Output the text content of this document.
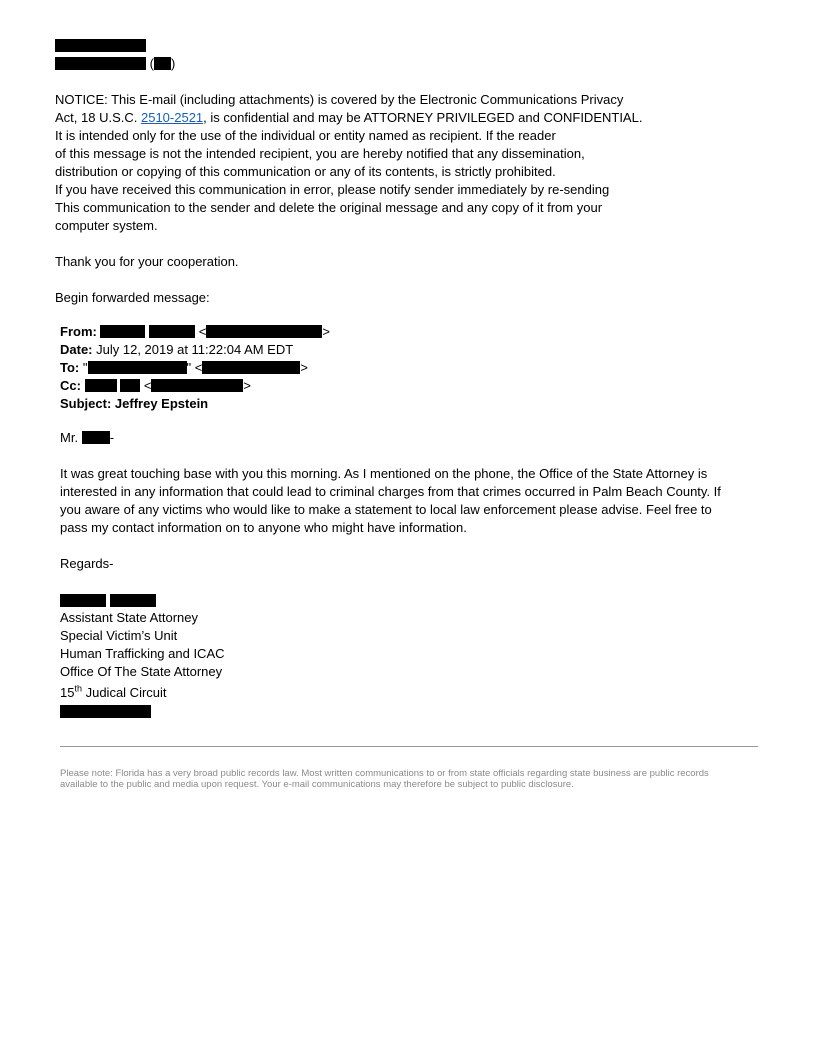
( )
NOTICE: This E-mail (including attachments) is covered by the Electronic Communications Privacy
Act, 18 U.S.C. 2510-2521, is confidential and may be ATTORNEY PRIVILEGED and CONFIDENTIAL.
It is intended only for the use of the individual or entity named as recipient. If the reader
of this message is not the intended recipient, you are hereby notified that any dissemination,
distribution or copying of this communication or any of its contents, is strictly prohibited.
If you have received this communication in error, please notify sender immediately by re-sending
This communication to the sender and delete the original message and any copy of it from your
computer system.
Thank you for your cooperation.
Begin forwarded message:
From:	<	>
Date: July 12, 2019 at 11:22:04 AM EDT
To: "	" <	>
Cc:	<	>
Subject: Jeffrey Epstein
Mr. -
It was great touching base with you this morning. As I mentioned on the phone, the Office of the State Attorney is
interested in any information that could lead to criminal charges from that crimes occurred in Palm Beach County. If
you aware of any victims who would like to make a statement to local law enforcement please advise. Feel free to
pass my contact information on to anyone who might have information.
Regards-

Assistant State Attorney
Special Victim’s Unit
Human Trafficking and ICAC
Office Of The State Attorney
15th Judical Circuit
Please note: Florida has a very broad public records law. Most written communications to or from state officials regarding state business are public records
available to the public and media upon request. Your e-mail communications may therefore be subject to public disclosure.
